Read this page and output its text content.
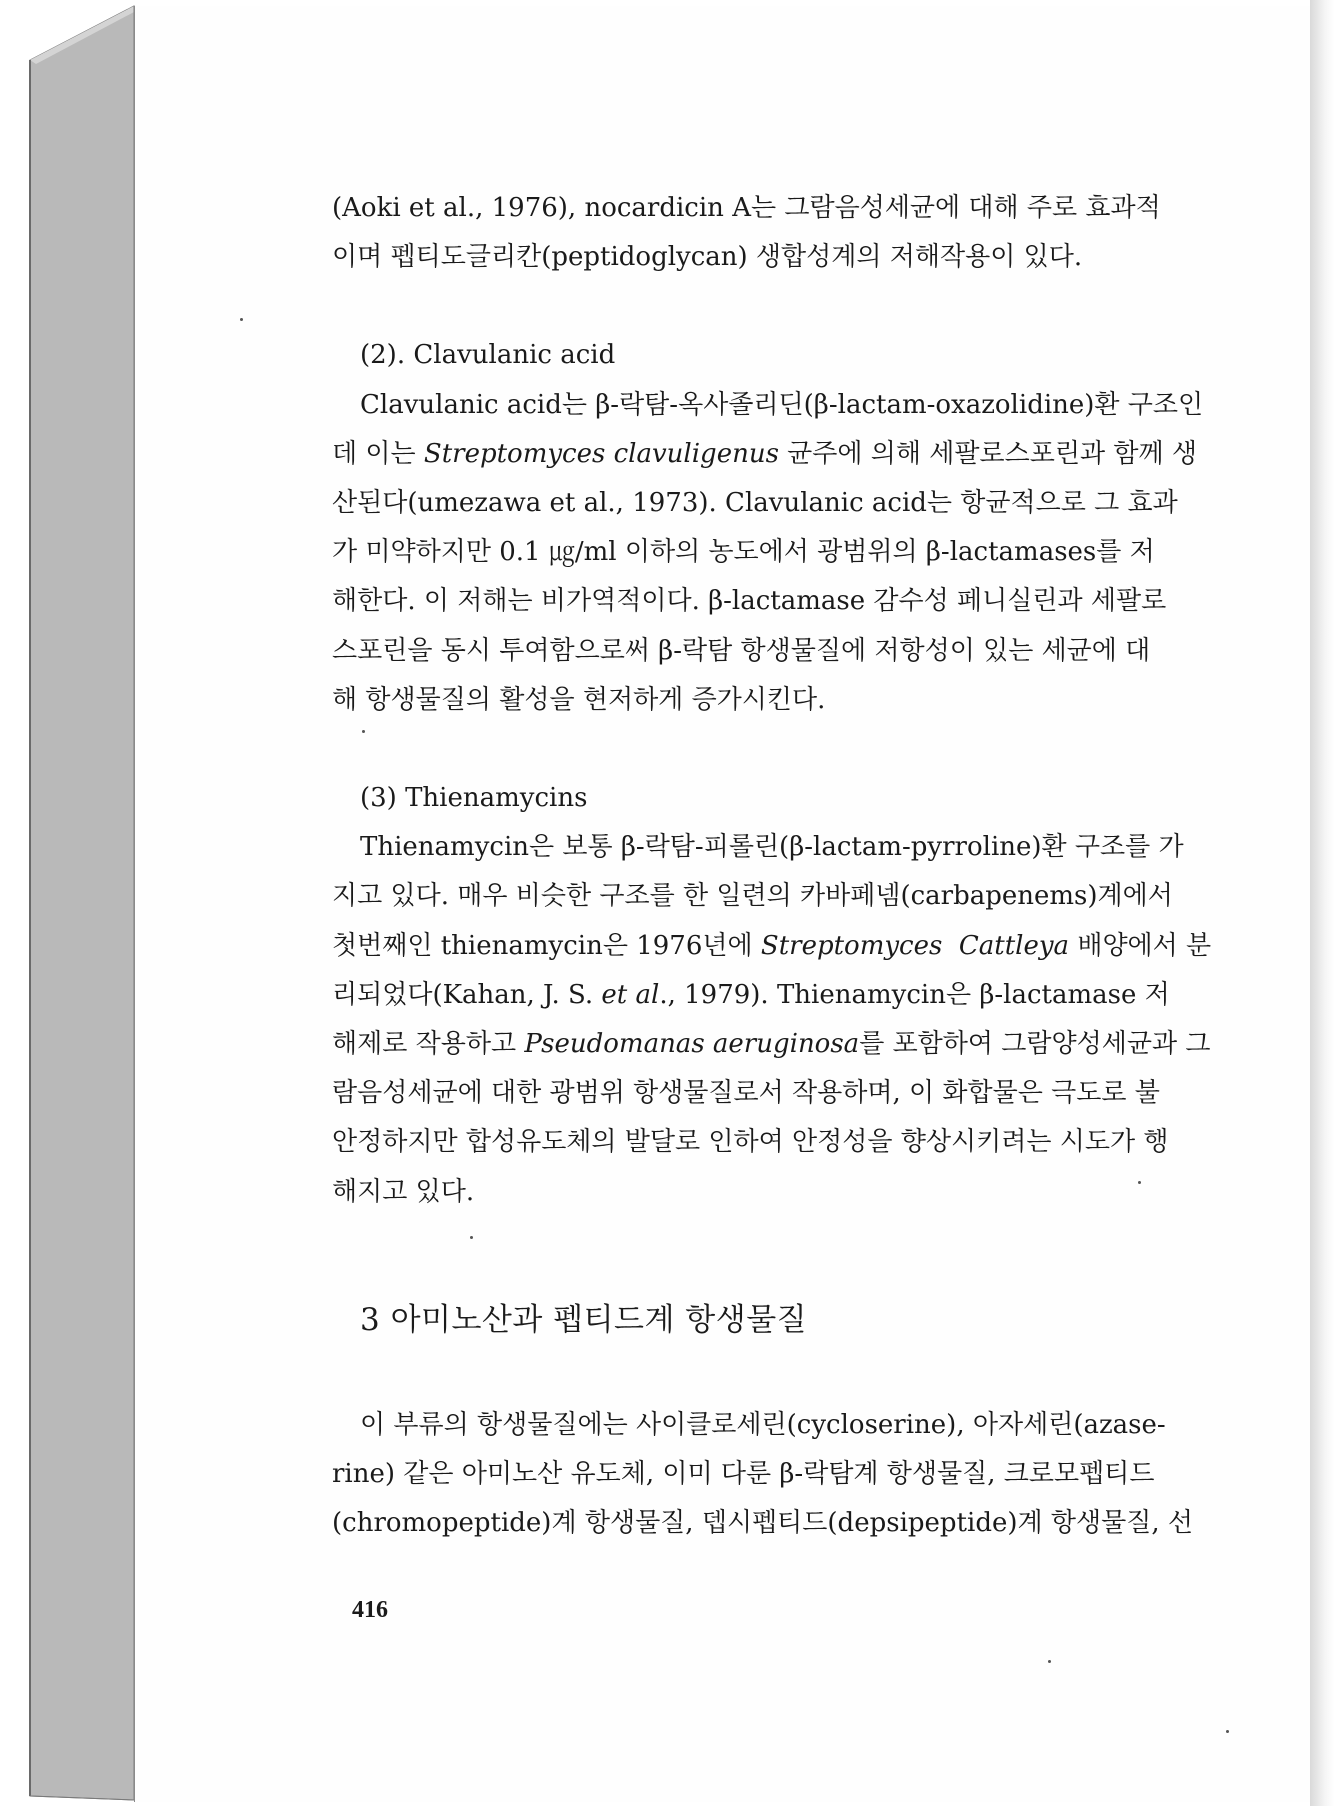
(Aoki et al., 1976), nocardicin A는 그람음성세균에 대해 주로 효과적
이며 펩티도글리칸(peptidoglycan) 생합성계의 저해작용이 있다.

(2). Clavulanic acid

Clavulanic acid는 β-락탐-옥사졸리딘(β-lactam-oxazolidine)환 구조인
데 이는 Streptomyces clavuligenus 균주에 의해 세팔로스포린과 함께 생
산된다(umezawa et al., 1973). Clavulanic acid는 항균적으로 그 효과
가 미약하지만 0.1 ㎍/ml 이하의 농도에서 광범위의 β-lactamases를 저
해한다. 이 저해는 비가역적이다. β-lactamase 감수성 페니실린과 세팔로
스포린을 동시 투여함으로써 β-락탐 항생물질에 저항성이 있는 세균에 대
해 항생물질의 활성을 현저하게 증가시킨다.

(3) Thienamycins

Thienamycin은 보통 β-락탐-피롤린(β-lactam-pyrroline)환 구조를 가
지고 있다. 매우 비슷한 구조를 한 일련의 카바페넴(carbapenems)계에서
첫번째인 thienamycin은 1976년에 Streptomyces  Cattleya 배양에서 분
리되었다(Kahan, J. S. et al., 1979). Thienamycin은 β-lactamase 저
해제로 작용하고 Pseudomanas aeruginosa를 포함하여 그람양성세균과 그
람음성세균에 대한 광범위 항생물질로서 작용하며, 이 화합물은 극도로 불
안정하지만 합성유도체의 발달로 인하여 안정성을 향상시키려는 시도가 행
해지고 있다.

3 아미노산과 펩티드계 항생물질

이 부류의 항생물질에는 사이클로세린(cycloserine), 아자세린(azase-
rine) 같은 아미노산 유도체, 이미 다룬 β-락탐계 항생물질, 크로모펩티드
(chromopeptide)계 항생물질, 뎁시펩티드(depsipeptide)계 항생물질, 선

416
